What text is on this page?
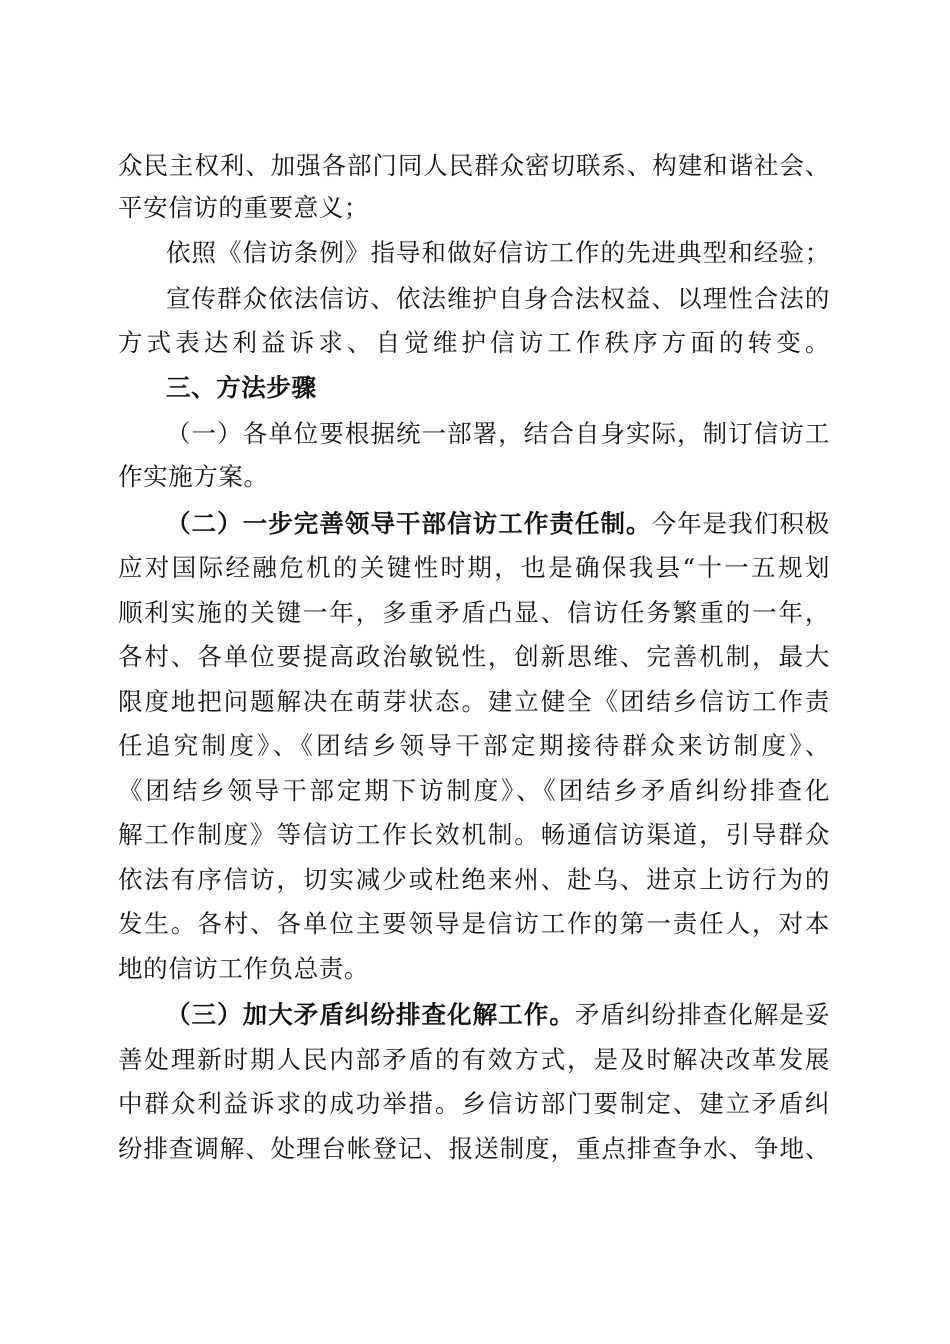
众民主权利、加强各部门同人民群众密切联系、构建和谐社会、

平安信访的重要意义；

依照《信访条例》指导和做好信访工作的先进典型和经验；

宣传群众依法信访、依法维护自身合法权益、以理性合法的

方式表达利益诉求、自觉维护信访工作秩序方面的转变。

三、方法步骤

（一）各单位要根据统一部署，结合自身实际，制订信访工

作实施方案。

（二）一步完善领导干部信访工作责任制。今年是我们积极

应对国际经融危机的关键性时期，也是确保我县“十一五规划

顺利实施的关键一年，多重矛盾凸显、信访任务繁重的一年，

各村、各单位要提高政治敏锐性，创新思维、完善机制，最大

限度地把问题解决在萌芽状态。建立健全《团结乡信访工作责

任追究制度》、《团结乡领导干部定期接待群众来访制度》、

《团结乡领导干部定期下访制度》、《团结乡矛盾纠纷排查化

解工作制度》等信访工作长效机制。畅通信访渠道，引导群众

依法有序信访，切实减少或杜绝来州、赴乌、进京上访行为的

发生。各村、各单位主要领导是信访工作的第一责任人，对本

地的信访工作负总责。

（三）加大矛盾纠纷排查化解工作。矛盾纠纷排查化解是妥

善处理新时期人民内部矛盾的有效方式，是及时解决改革发展

中群众利益诉求的成功举措。乡信访部门要制定、建立矛盾纠

纷排查调解、处理台帐登记、报送制度，重点排查争水、争地、
